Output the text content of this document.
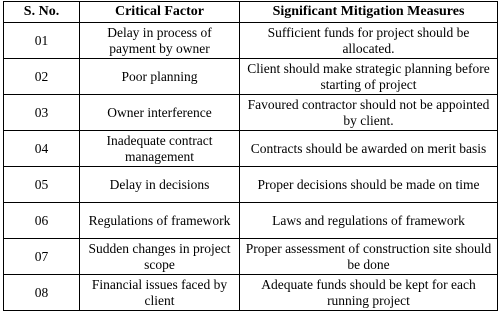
S. No.	Critical Factor	Significant Mitigation Measures
01	Delay in process of payment by owner	Sufficient funds for project should be allocated.
02	Poor planning	Client should make strategic planning before starting of project
03	Owner interference	Favoured contractor should not be appointed by client.
04	Inadequate contract management	Contracts should be awarded on merit basis
05	Delay in decisions	Proper decisions should be made on time
06	Regulations of framework	Laws and regulations of framework
07	Sudden changes in project scope	Proper assessment of construction site should be done
08	Financial issues faced by client	Adequate funds should be kept for each running project
